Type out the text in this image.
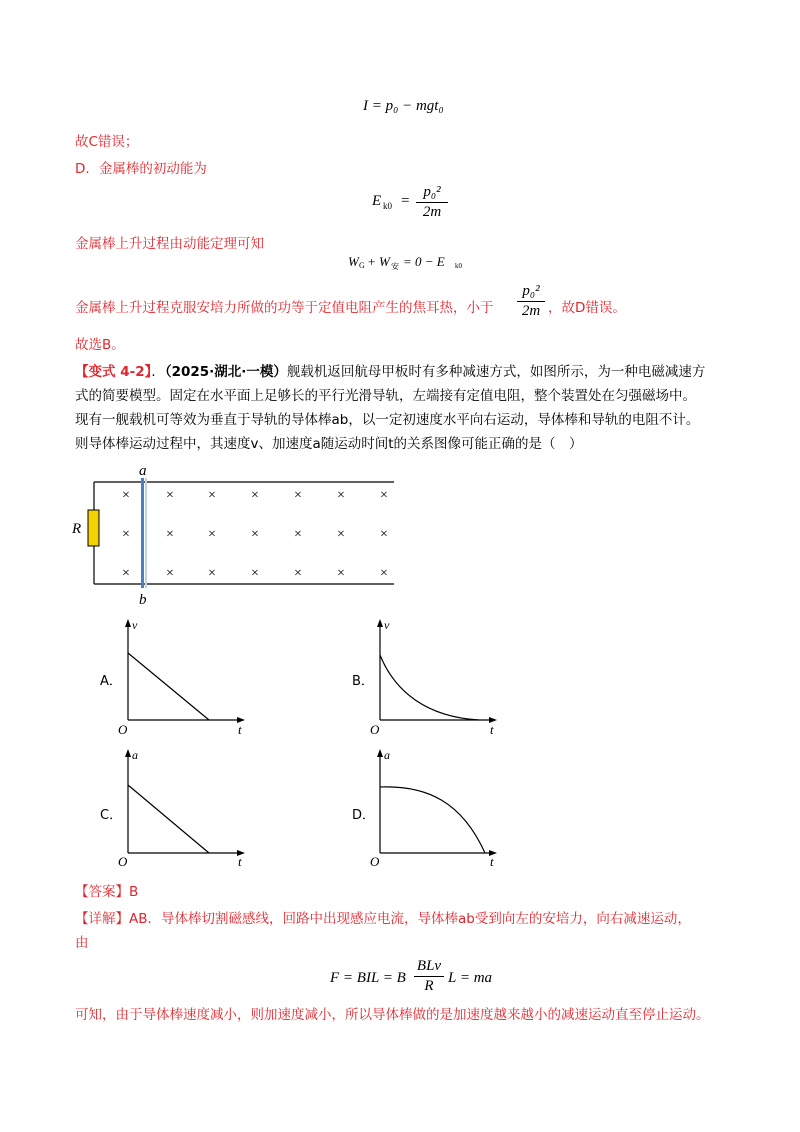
I = p₀ − mgt₀
故C错误；
D．金属棒的初动能为
E $k0 = \frac{\text{p₀²}}{2m}$
金属棒上升过程由动能定理可知
W G + W 安 = 0 − E k0
金属棒上升过程克服安培力所做的功等于定值电阻产生的焦耳热，小于 $\frac{\text{p₀²}}{2m}$ ，故D错误。
故选B。
【变式 4-2】．（2025·湖北·一模）舰载机返回航母甲板时有多种减速方式，如图所示，为一种电磁减速方
式的简要模型。固定在水平面上足够长的平行光滑导轨，左端接有定值电阻，整个装置处在匀强磁场中。
现有一舰载机可等效为垂直于导轨的导体棒ab，以一定初速度水平向右运动，导体棒和导轨的电阻不计。
则导体棒运动过程中，其速度v、加速度a随运动时间t的关系图像可能正确的是（　）
R
a
b
×	× ×	×	×	×	×
×	× ×	×	×	×	×
×	× ×	×	×	×	×
A．
v
t
O
B．
v
t
O
C．
a
t
O
D．
a
t
O
【答案】B
【详解】AB．导体棒切割磁感线，回路中出现感应电流，导体棒ab受到向左的安培力，向右减速运动，
由
F = BIL = B
BLv
R L = ma
可知，由于导体棒速度减小，则加速度减小，所以导体棒做的是加速度越来越小的减速运动直至停止运动。
